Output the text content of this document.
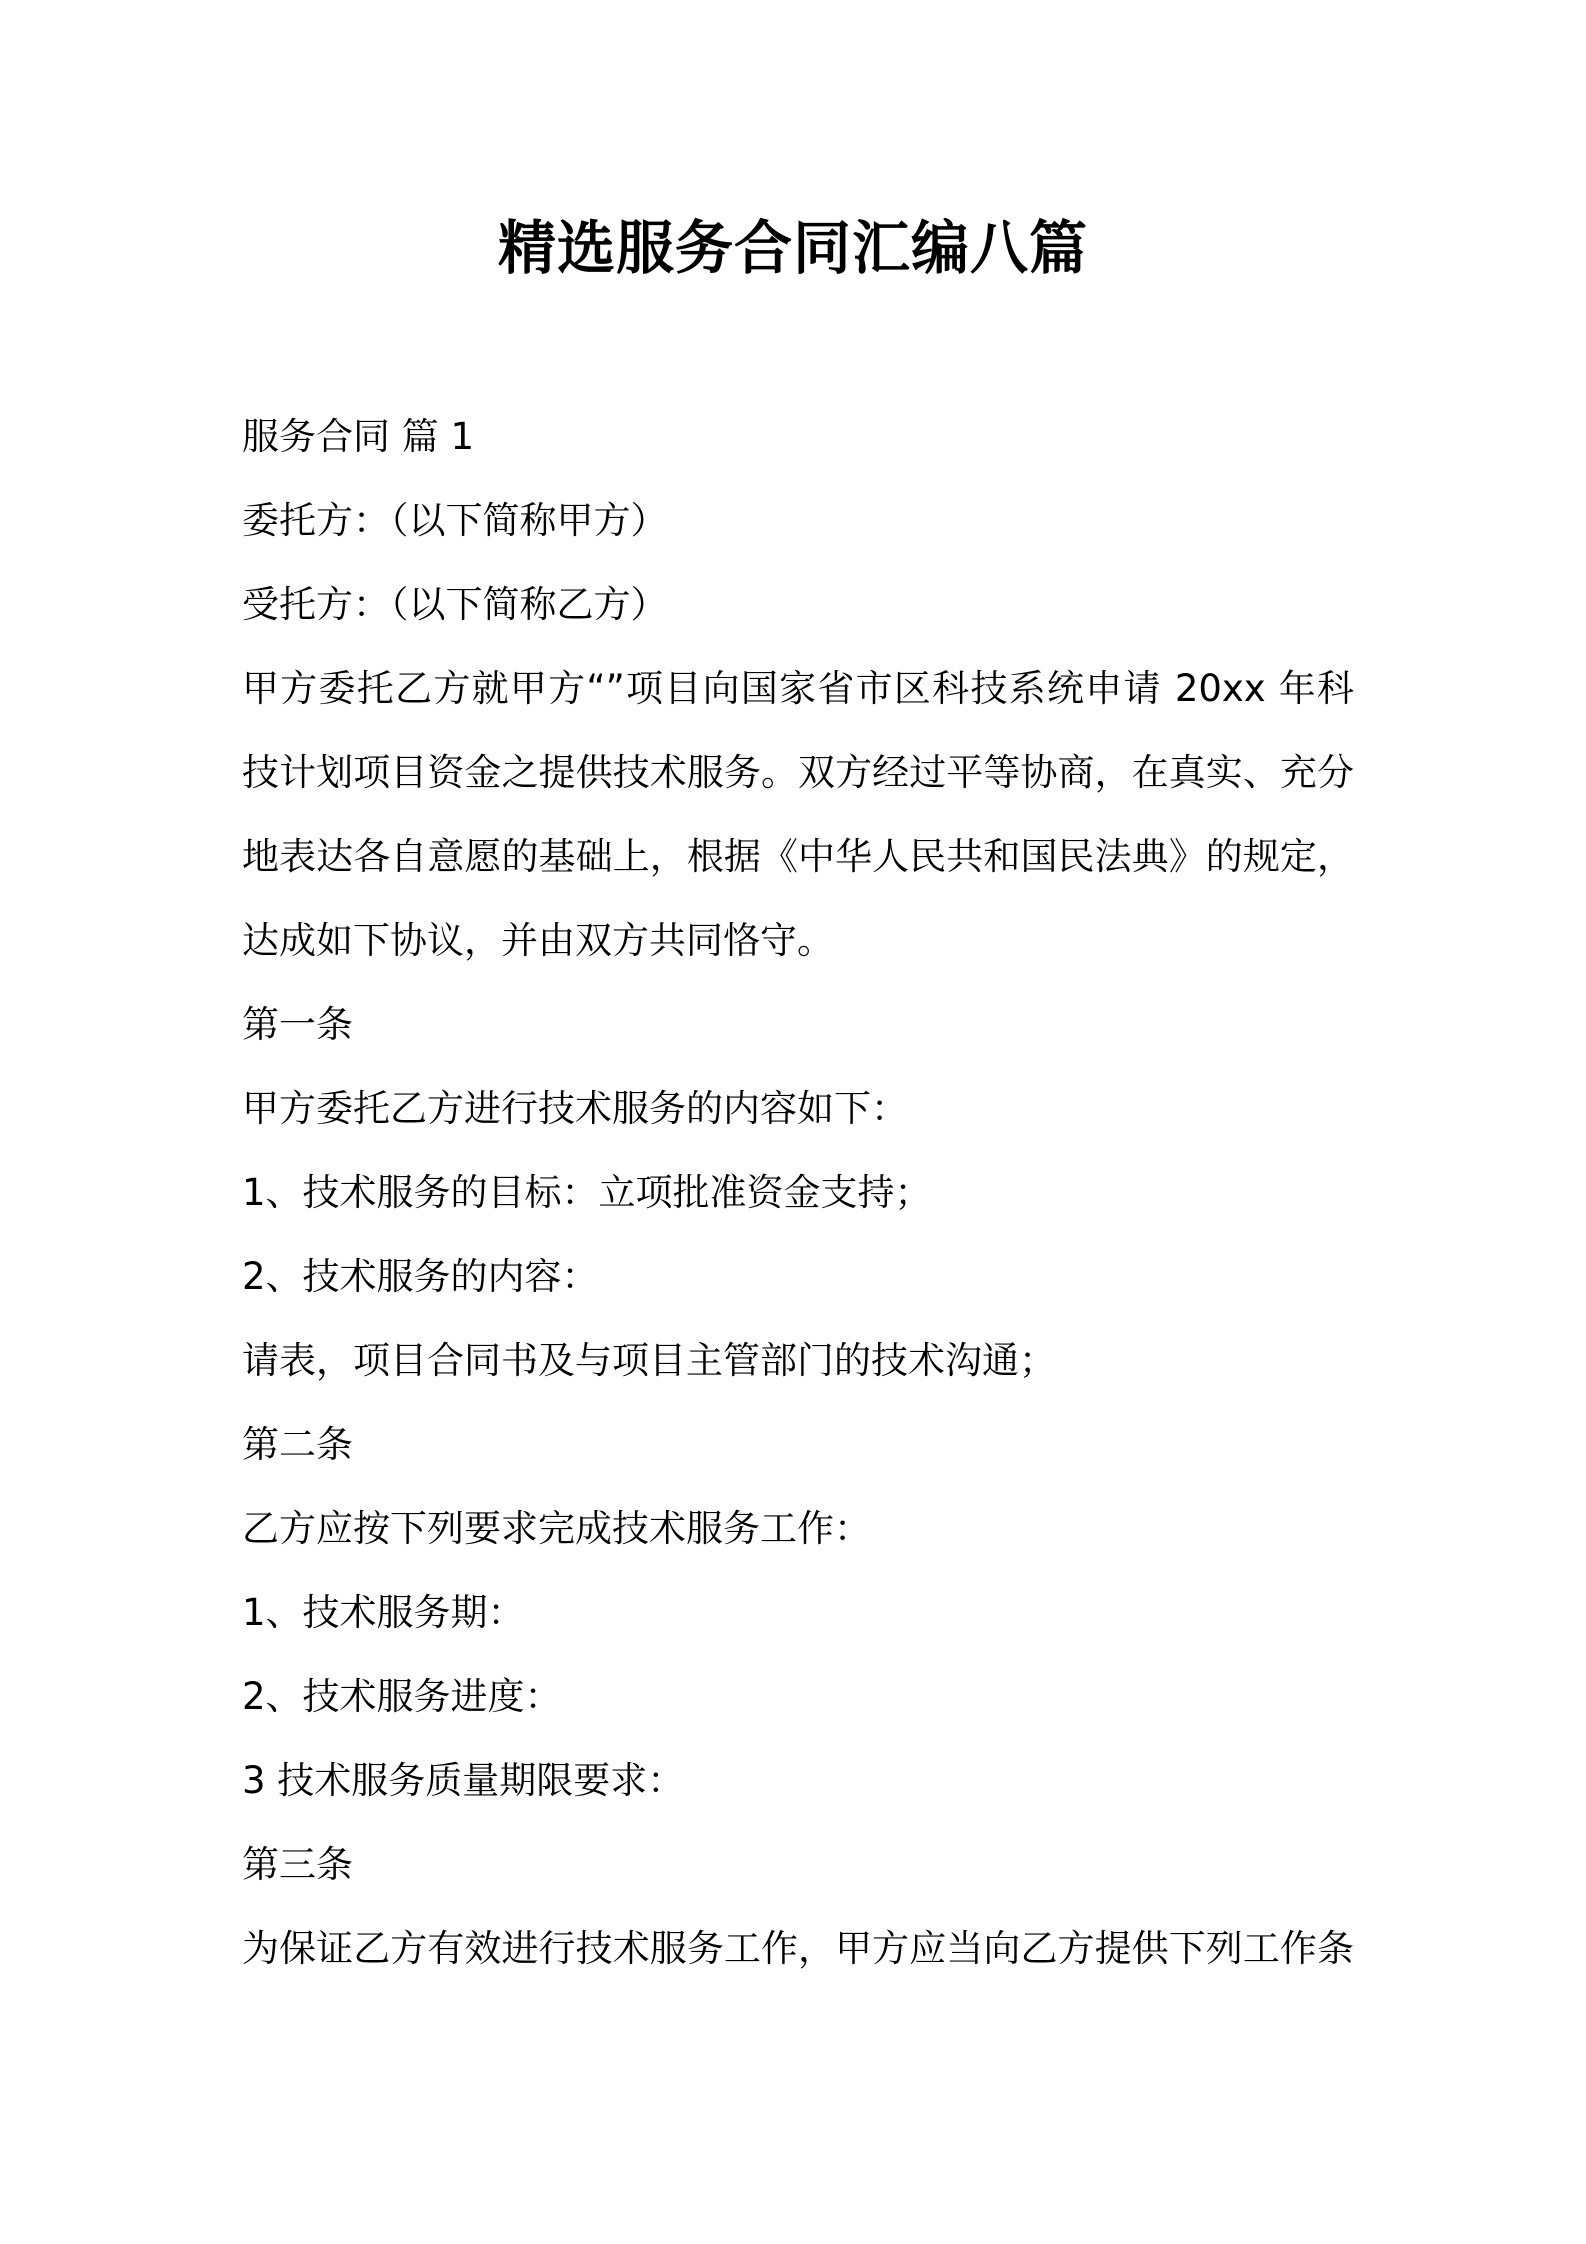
精选服务合同汇编八篇
服务合同 篇 1
委托方：（以下简称甲方）
受托方：（以下简称乙方）
甲方委托乙方就甲方“”项目向国家省市区科技系统申请 20xx 年科
技计划项目资金之提供技术服务。双方经过平等协商，在真实、充分
地表达各自意愿的基础上，根据《中华人民共和国民法典》的规定，
达成如下协议，并由双方共同恪守。
第一条
甲方委托乙方进行技术服务的内容如下：
1、技术服务的目标：立项批准资金支持；
2、技术服务的内容：
请表，项目合同书及与项目主管部门的技术沟通；
第二条
乙方应按下列要求完成技术服务工作：
1、技术服务期：
2、技术服务进度：
3 技术服务质量期限要求：
第三条
为保证乙方有效进行技术服务工作，甲方应当向乙方提供下列工作条
